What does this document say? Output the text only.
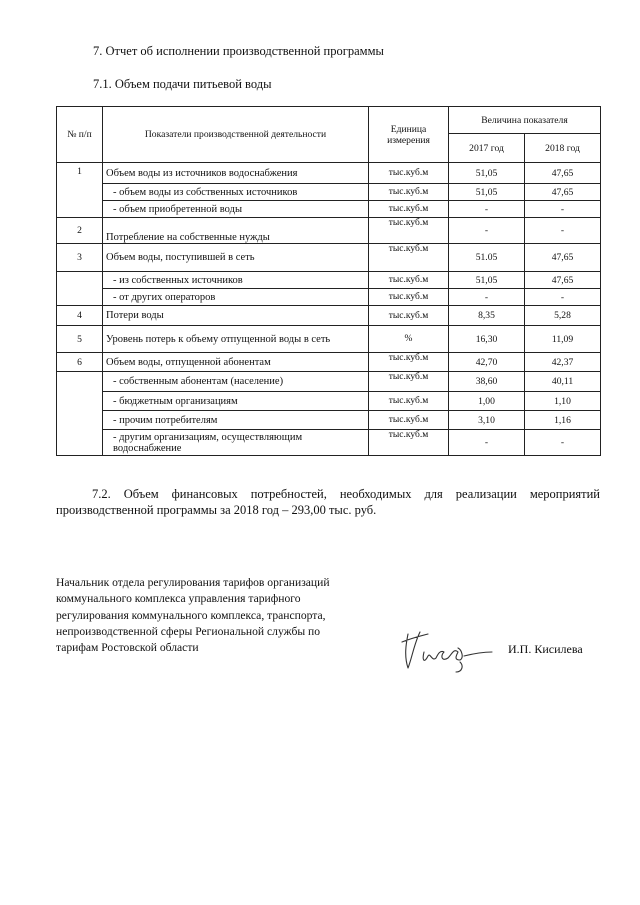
7. Отчет об исполнении производственной программы
7.1. Объем подачи питьевой воды
№ п/п	Показатели производственной деятельности	Единица измерения	Величина показателя	
			2017 год	2018 год
1	Объем воды из источников водоснабжения	тыс.куб.м	51,05	47,65
	- объем воды из собственных источников	тыс.куб.м	51,05	47,65
	- объем приобретенной воды	тыс.куб.м	-	-
2	Потребление на собственные нужды	тыс.куб.м	-	-
3	Объем воды, поступившей в сеть	тыс.куб.м	51.05	47,65
	- из собственных источников	тыс.куб.м	51,05	47,65
	- от других операторов	тыс.куб.м	-	-
4	Потери воды	тыс.куб.м	8,35	5,28
5	Уровень потерь к объему отпущенной воды в сеть	%	16,30	11,09
6	Объем воды, отпущенной абонентам	тыс.куб.м	42,70	42,37
	- собственным абонентам (население)	тыс.куб.м	38,60	40,11
	- бюджетным организациям	тыс.куб.м	1,00	1,10
	- прочим потребителям	тыс.куб.м	3,10	1,16
	- другим организациям, осуществляющим водоснабжение	тыс.куб.м	-	-
7.2. Объем финансовых потребностей, необходимых для реализации мероприятий производственной программы за 2018 год – 293,00 тыс. руб.
Начальник отдела регулирования тарифов организаций
коммунального комплекса управления тарифного
регулирования коммунального комплекса, транспорта,
непроизводственной сферы Региональной службы по
тарифам Ростовской области	И.П. Кисилева
